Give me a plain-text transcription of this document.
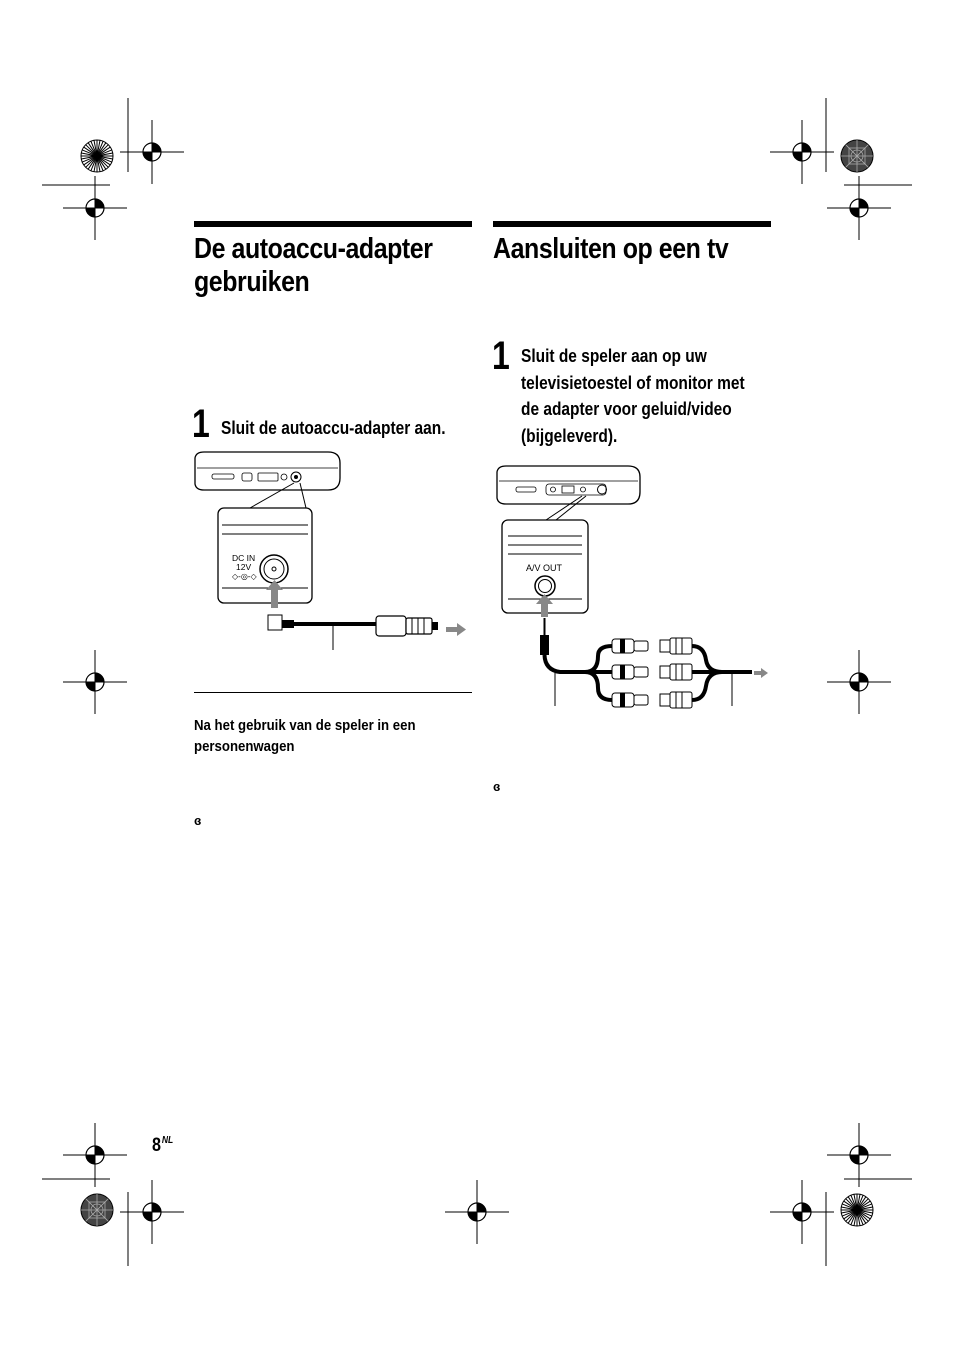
De autoaccu-adapter
gebruiken
1 Sluit de autoaccu-adapter aan.
DC IN
12V
◇-◎-◇
Na het gebruik van de speler in een
personenwagen
ɞ
Aansluiten op een tv
1 Sluit de speler aan op uw
televisietoestel of monitor met
de adapter voor geluid/video
(bijgeleverd).
A/V OUT
ɞ
$8^{NL}$
